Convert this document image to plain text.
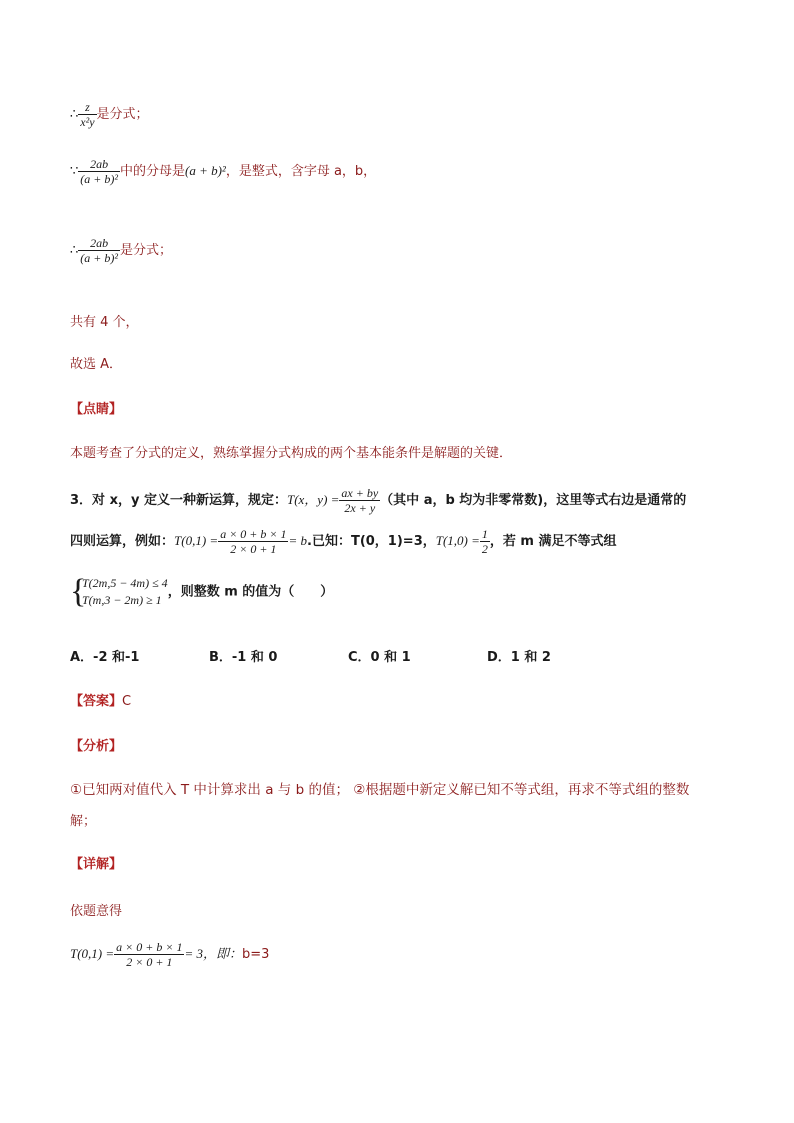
∴ $\frac{z}{\text{x²y}}$ 是分式；
∵ $\frac{2ab}{\text{(a + b)²}}$ 中的分母是(a + b)²，是整式，含字母 a，b，
∴ $\frac{2ab}{\text{(a + b)²}}$ 是分式；
共有 4 个，
故选 A．
【点睛】
本题考查了分式的定义，熟练掌握分式构成的两个基本能条件是解题的关键．
3．对 x，y 定义一种新运算，规定：T(x，$y) = \frac{ax + by}{2x + y}$ （其中 a，b 均为非零常数)，这里等式右边是通常的
四则运算，例如：$T(0,1) = \frac{a \times 0 + b \times 1}{2 \times 0 + 1} = b$.已知：T(0，1)=3，$T(1,0) = \frac{1}{2}$ ，若 m 满足不等式组
{
T(2m,5 − 4m) ≤ 4
T(m,3 − 2m) ≥ 1
，则整数 m 的值为（　　）
A．-2 和-1	B．-1 和 0	C．0 和 1	D．1 和 2
【答案】C
【分析】
①已知两对值代入 T 中计算求出 a 与 b 的值； ②根据题中新定义解已知不等式组，再求不等式组的整数
解；
【详解】
依题意得
$T(0,1) = \frac{a \times 0 + b \times 1}{2 \times 0 + 1} = 3$，即：b=3
